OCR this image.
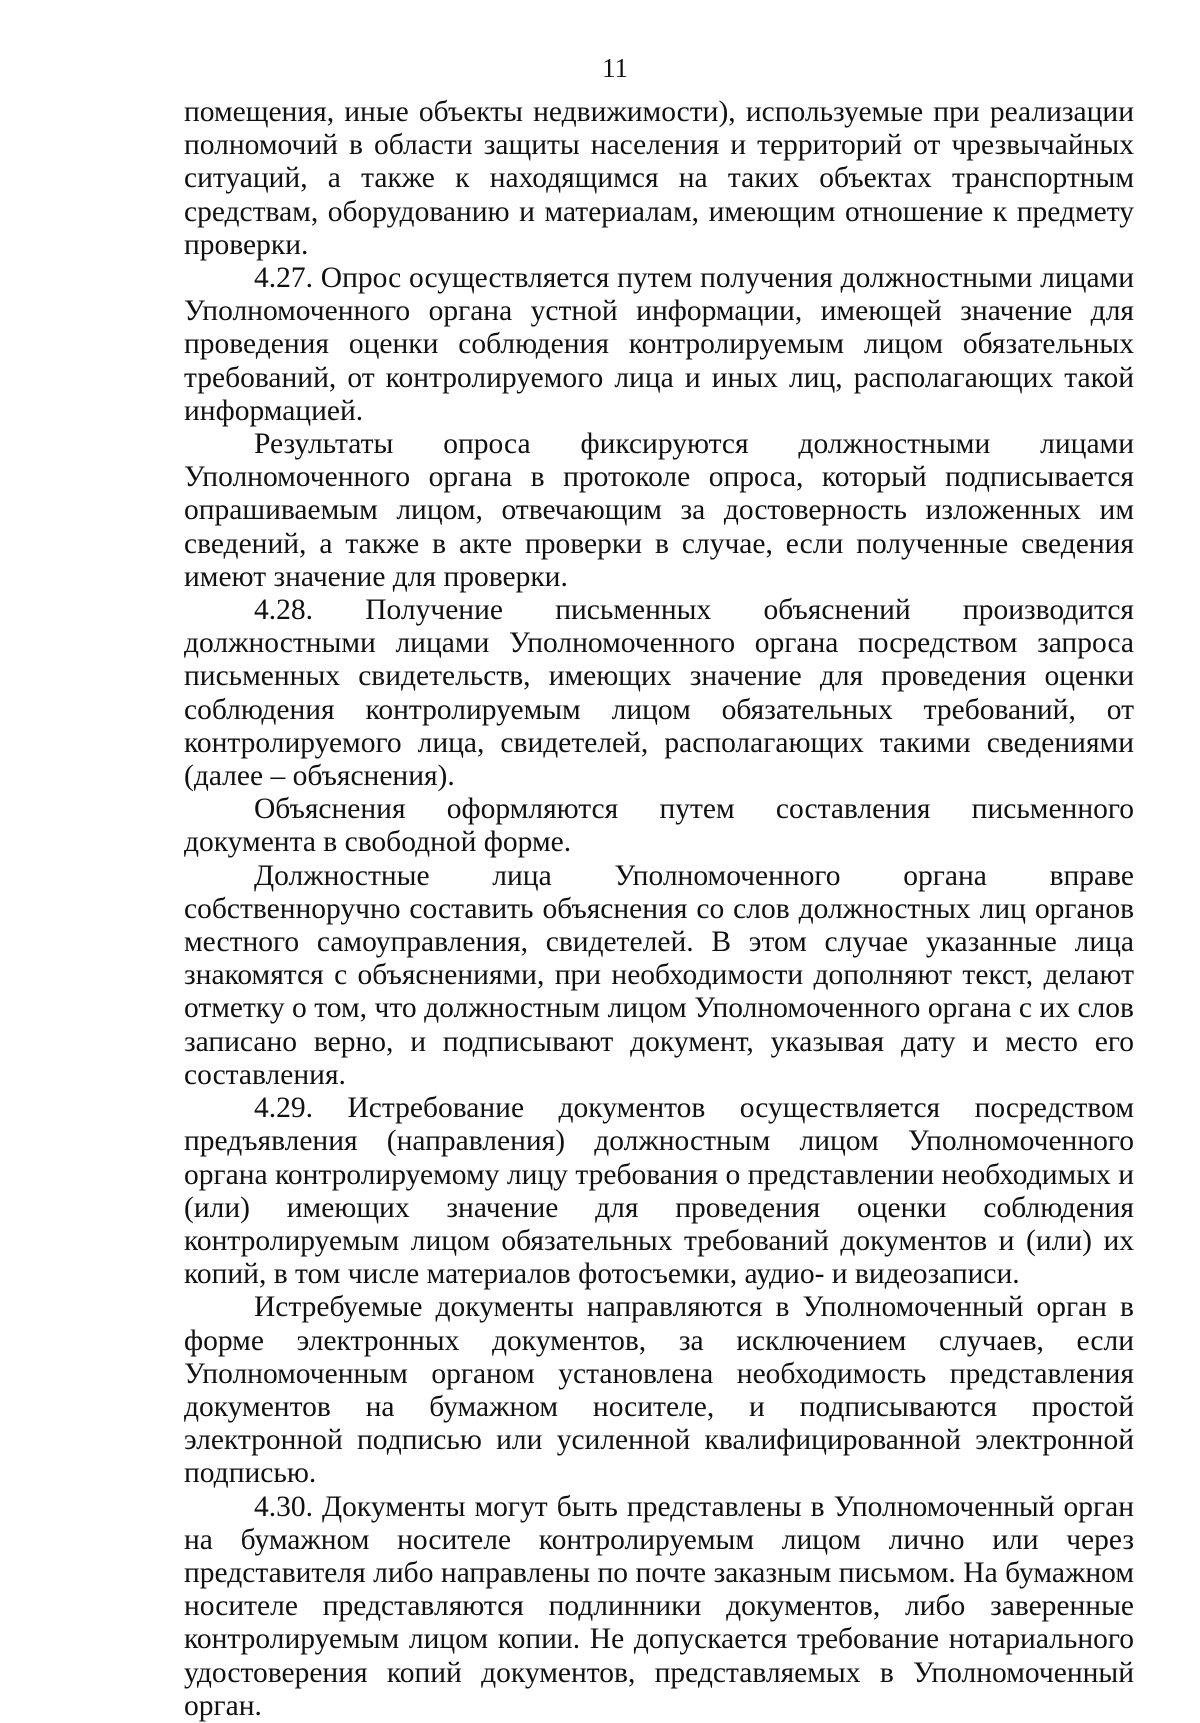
11

помещения, иные объекты недвижимости), используемые при реализации полномочий в области защиты населения и территорий от чрезвычайных ситуаций, а также к находящимся на таких объектах транспортным средствам, оборудованию и материалам, имеющим отношение к предмету проверки.

4.27. Опрос осуществляется путем получения должностными лицами Уполномоченного органа устной информации, имеющей значение для проведения оценки соблюдения контролируемым лицом обязательных требований, от контролируемого лица и иных лиц, располагающих такой информацией.

Результаты опроса фиксируются должностными лицами Уполномоченного органа в протоколе опроса, который подписывается опрашиваемым лицом, отвечающим за достоверность изложенных им сведений, а также в акте проверки в случае, если полученные сведения имеют значение для проверки.

4.28. Получение письменных объяснений производится должностными лицами Уполномоченного органа посредством запроса письменных свидетельств, имеющих значение для проведения оценки соблюдения контролируемым лицом обязательных требований, от контролируемого лица, свидетелей, располагающих такими сведениями (далее – объяснения).

Объяснения оформляются путем составления письменного документа в свободной форме.

Должностные лица Уполномоченного органа вправе собственноручно составить объяснения со слов должностных лиц органов местного самоуправления, свидетелей. В этом случае указанные лица знакомятся с объяснениями, при необходимости дополняют текст, делают отметку о том, что должностным лицом Уполномоченного органа с их слов записано верно, и подписывают документ, указывая дату и место его составления.

4.29. Истребование документов осуществляется посредством предъявления (направления) должностным лицом Уполномоченного органа контролируемому лицу требования о представлении необходимых и (или) имеющих значение для проведения оценки соблюдения контролируемым лицом обязательных требований документов и (или) их копий, в том числе материалов фотосъемки, аудио- и видеозаписи.

Истребуемые документы направляются в Уполномоченный орган в форме электронных документов, за исключением случаев, если Уполномоченным органом установлена необходимость представления документов на бумажном носителе, и подписываются простой электронной подписью или усиленной квалифицированной электронной подписью.

4.30. Документы могут быть представлены в Уполномоченный орган на бумажном носителе контролируемым лицом лично или через представителя либо направлены по почте заказным письмом. На бумажном носителе представляются подлинники документов, либо заверенные контролируемым лицом копии. Не допускается требование нотариального удостоверения копий документов, представляемых в Уполномоченный орган.
